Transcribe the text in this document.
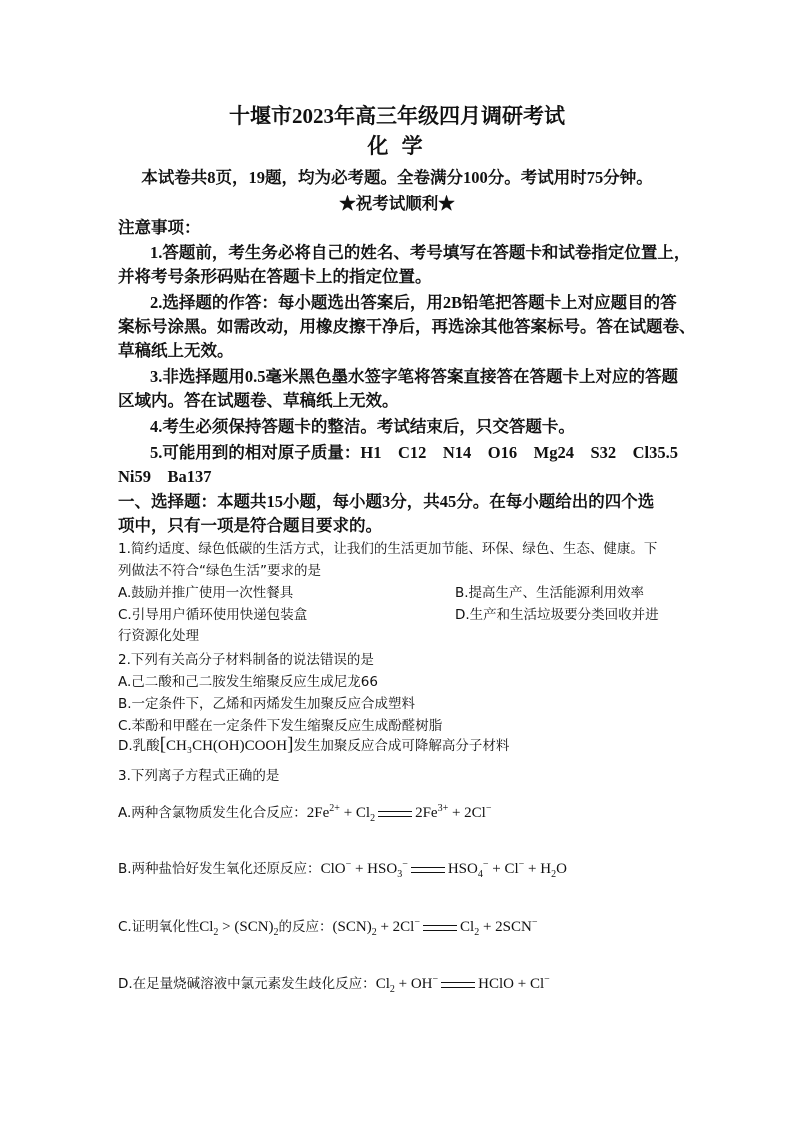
十堰市2023年高三年级四月调研考试
化 学
本试卷共8页，19题，均为必考题。全卷满分100分。考试用时75分钟。
★祝考试顺利★
注意事项：
1.答题前，考生务必将自己的姓名、考号填写在答题卡和试卷指定位置上，
并将考号条形码贴在答题卡上的指定位置。
2.选择题的作答：每小题选出答案后，用2B铅笔把答题卡上对应题目的答
案标号涂黑。如需改动，用橡皮擦干净后，再选涂其他答案标号。答在试题卷、
草稿纸上无效。
3.非选择题用0.5毫米黑色墨水签字笔将答案直接答在答题卡上对应的答题
区域内。答在试题卷、草稿纸上无效。
4.考生必须保持答题卡的整洁。考试结束后，只交答题卡。
5.可能用到的相对原子质量：H1　C12　N14　O16　Mg24　S32　Cl35.5
Ni59　Ba137
一、选择题：本题共15小题，每小题3分，共45分。在每小题给出的四个选
项中，只有一项是符合题目要求的。
1.简约适度、绿色低碳的生活方式，让我们的生活更加节能、环保、绿色、生态、健康。下
列做法不符合“绿色生活”要求的是
A.鼓励并推广使用一次性餐具	B.提高生产、生活能源利用效率
C.引导用户循环使用快递包装盒	D.生产和生活垃圾要分类回收并进
行资源化处理
2.下列有关高分子材料制备的说法错误的是
A.己二酸和己二胺发生缩聚反应生成尼龙66
B.一定条件下，乙烯和丙烯发生加聚反应合成塑料
C.苯酚和甲醛在一定条件下发生缩聚反应生成酚醛树脂
D.乳酸[CH₃CH(OH)COOH]发生加聚反应合成可降解高分子材料
3.下列离子方程式正确的是
A.两种含氯物质发生化合反应：$2Fe^{2+} + Cl_2$	$2Fe^{3+} + 2Cl^-$
B.两种盐恰好发生氧化还原反应：$ClO^- + HSO_3^-$	$HSO_4^- + Cl^- + H_2O$
C.证明氧化性$Cl_2 > (SCN)_2$的反应：$(SCN)_2 + 2Cl^-$	$Cl_2 + 2SCN^-$
D.在足量烧碱溶液中氯元素发生歧化反应：$Cl_2 + OH^-$	HClO + Cl−
